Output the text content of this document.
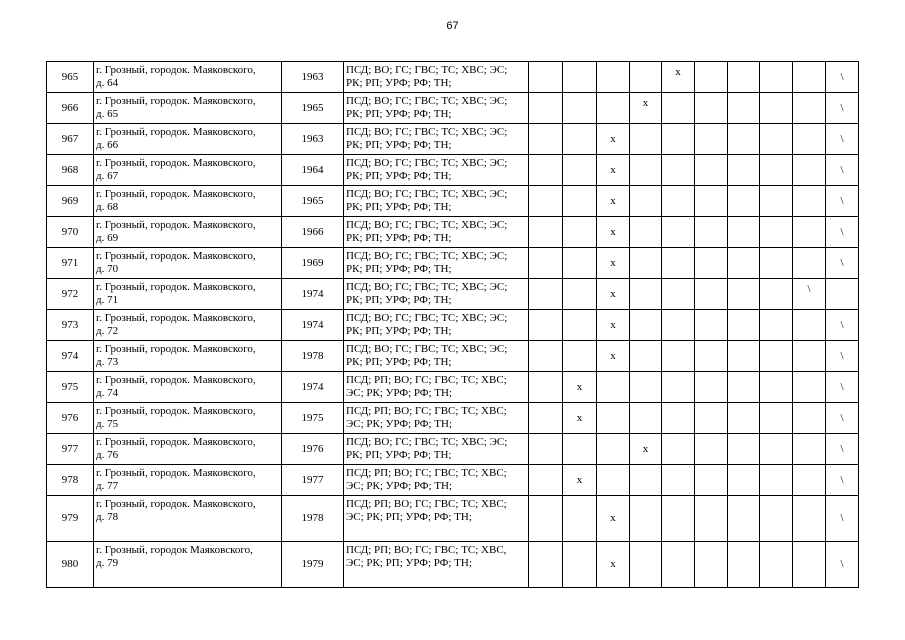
67
965	г. Грозный, городок. Маяковского,
д. 64	1963	ПСД; ВО; ГС; ГВС; ТС; ХВС; ЭС;
РК; РП; УРФ; РФ; ТН;					x					\
966	г. Грозный, городок. Маяковского,
д. 65	1965	ПСД; ВО; ГС; ГВС; ТС; ХВС; ЭС;
РК; РП; УРФ; РФ; ТН;				x						\
967	г. Грозный, городок. Маяковского,
д. 66	1963	ПСД; ВО; ГС; ГВС; ТС; ХВС; ЭС;
РК; РП; УРФ; РФ; ТН;			x							\
968	г. Грозный, городок. Маяковского,
д. 67	1964	ПСД; ВО; ГС; ГВС; ТС; ХВС; ЭС;
РК; РП; УРФ; РФ; ТН;			x							\
969	г. Грозный, городок. Маяковского,
д. 68	1965	ПСД; ВО; ГС; ГВС; ТС; ХВС; ЭС;
РК; РП; УРФ; РФ; ТН;			x							\
970	г. Грозный, городок. Маяковского,
д. 69	1966	ПСД; ВО; ГС; ГВС; ТС; ХВС; ЭС;
РК; РП; УРФ; РФ; ТН;			x							\
971	г. Грозный, городок. Маяковского,
д. 70	1969	ПСД; ВО; ГС; ГВС; ТС; ХВС; ЭС;
РК; РП; УРФ; РФ; ТН;			x							\
972	г. Грозный, городок. Маяковского,
д. 71	1974	ПСД; ВО; ГС; ГВС; ТС; ХВС; ЭС;
РК; РП; УРФ; РФ; ТН;			x						\	
973	г. Грозный, городок. Маяковского,
д. 72	1974	ПСД; ВО; ГС; ГВС; ТС; ХВС; ЭС;
РК; РП; УРФ; РФ; ТН;			x							\
974	г. Грозный, городок. Маяковского,
д. 73	1978	ПСД; ВО; ГС; ГВС; ТС; ХВС; ЭС;
РК; РП; УРФ; РФ; ТН;			x							\
975	г. Грозный, городок. Маяковского,
д. 74	1974	ПСД; РП; ВО; ГС; ГВС; ТС; ХВС;
ЭС; РК; УРФ; РФ; ТН;		x								\
976	г. Грозный, городок. Маяковского,
д. 75	1975	ПСД; РП; ВО; ГС; ГВС; ТС; ХВС;
ЭС; РК; УРФ; РФ; ТН;		x								\
977	г. Грозный, городок. Маяковского,
д. 76	1976	ПСД; ВО; ГС; ГВС; ТС; ХВС; ЭС;
РК; РП; УРФ; РФ; ТН;				x						\
978	г. Грозный, городок. Маяковского,
д. 77	1977	ПСД; РП; ВО; ГС; ГВС; ТС; ХВС;
ЭС; РК; УРФ; РФ; ТН;		x								\
979	г. Грозный, городок. Маяковского,
д. 78	1978	ПСД; РП; ВО; ГС; ГВС; ТС; ХВС;
ЭС; РК; РП; УРФ; РФ; ТН;			x							\
980	г. Грозный, городок Маяковского,
д. 79	1979	ПСД; РП; ВО; ГС; ГВС; ТС; ХВС,
ЭС; РК; РП; УРФ; РФ; ТН;			x							\
